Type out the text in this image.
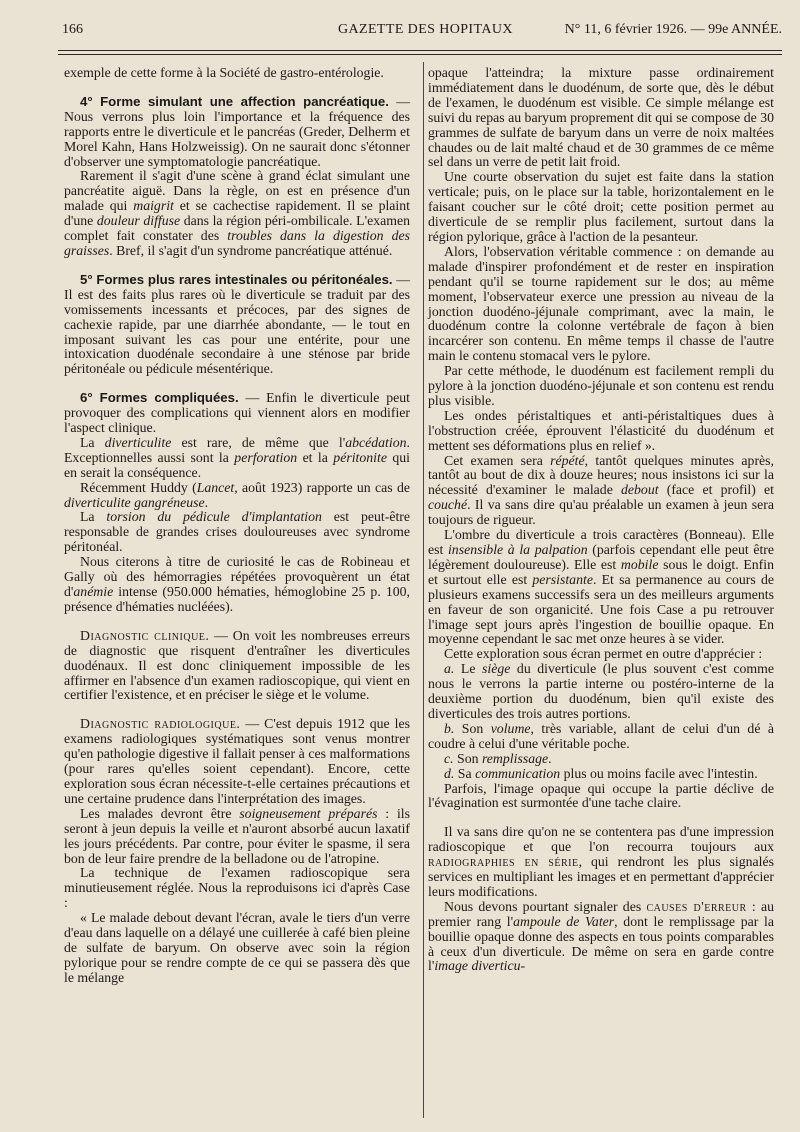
166	GAZETTE DES HOPITAUX	N° 11, 6 février 1926. — 99e ANNÉE.

exemple de cette forme à la Société de gastro-entérologie.

4° Forme simulant une affection pancréatique. — Nous verrons plus loin l'importance et la fréquence des rapports entre le diverticule et le pancréas (Greder, Delherm et Morel Kahn, Hans Holzweissig). On ne saurait donc s'étonner d'observer une symptomatologie pancréatique.

Rarement il s'agit d'une scène à grand éclat simulant une pancréatite aiguë. Dans la règle, on est en présence d'un malade qui maigrit et se cachectise rapidement. Il se plaint d'une douleur diffuse dans la région péri-ombilicale. L'examen complet fait constater des troubles dans la digestion des graisses. Bref, il s'agit d'un syndrome pancréatique atténué.

5° Formes plus rares intestinales ou péritonéales. — Il est des faits plus rares où le diverticule se traduit par des vomissements incessants et précoces, par des signes de cachexie rapide, par une diarrhée abondante, — le tout en imposant suivant les cas pour une entérite, pour une intoxication duodénale secondaire à une sténose par bride péritonéale ou pédicule mésentérique.

6° Formes compliquées. — Enfin le diverticule peut provoquer des complications qui viennent alors en modifier l'aspect clinique.

La diverticulite est rare, de même que l'abcédation. Exceptionnelles aussi sont la perforation et la péritonite qui en serait la conséquence.

Récemment Huddy (Lancet, août 1923) rapporte un cas de diverticulite gangréneuse.

La torsion du pédicule d'implantation est peut-être responsable de grandes crises douloureuses avec syndrome péritonéal.

Nous citerons à titre de curiosité le cas de Robineau et Gally où des hémorragies répétées provoquèrent un état d'anémie intense (950.000 hématies, hémoglobine 25 p. 100, présence d'hématies nucléées).

Diagnostic clinique. — On voit les nombreuses erreurs de diagnostic que risquent d'entraîner les diverticules duodénaux. Il est donc cliniquement impossible de les affirmer en l'absence d'un examen radioscopique, qui vient en certifier l'existence, et en préciser le siège et le volume.

Diagnostic radiologique. — C'est depuis 1912 que les examens radiologiques systématiques sont venus montrer qu'en pathologie digestive il fallait penser à ces malformations (pour rares qu'elles soient cependant). Encore, cette exploration sous écran nécessite-t-elle certaines précautions et une certaine prudence dans l'interprétation des images.

Les malades devront être soigneusement préparés : ils seront à jeun depuis la veille et n'auront absorbé aucun laxatif les jours précédents. Par contre, pour éviter le spasme, il sera bon de leur faire prendre de la belladone ou de l'atropine.

La technique de l'examen radioscopique sera minutieusement réglée. Nous la reproduisons ici d'après Case :

« Le malade debout devant l'écran, avale le tiers d'un verre d'eau dans laquelle on a délayé une cuillerée à café bien pleine de sulfate de baryum. On observe avec soin la région pylorique pour se rendre compte de ce qui se passera dès que le mélange

opaque l'atteindra; la mixture passe ordinairement immédiatement dans le duodénum, de sorte que, dès le début de l'examen, le duodénum est visible. Ce simple mélange est suivi du repas au baryum proprement dit qui se compose de 30 grammes de sulfate de baryum dans un verre de noix maltées chaudes ou de lait malté chaud et de 30 grammes de ce même sel dans un verre de petit lait froid.

Une courte observation du sujet est faite dans la station verticale; puis, on le place sur la table, horizontalement en le faisant coucher sur le côté droit; cette position permet au diverticule de se remplir plus facilement, surtout dans la région pylorique, grâce à l'action de la pesanteur.

Alors, l'observation véritable commence : on demande au malade d'inspirer profondément et de rester en inspiration pendant qu'il se tourne rapidement sur le dos; au même moment, l'observateur exerce une pression au niveau de la jonction duodéno-jéjunale comprimant, avec la main, le duodénum contre la colonne vertébrale de façon à bien incarcérer son contenu. En même temps il chasse de l'autre main le contenu stomacal vers le pylore.

Par cette méthode, le duodénum est facilement rempli du pylore à la jonction duodéno-jéjunale et son contenu est rendu plus visible.

Les ondes péristaltiques et anti-péristaltiques dues à l'obstruction créée, éprouvent l'élasticité du duodénum et mettent ses déformations plus en relief ».

Cet examen sera répété, tantôt quelques minutes après, tantôt au bout de dix à douze heures; nous insistons ici sur la nécessité d'examiner le malade debout (face et profil) et couché. Il va sans dire qu'au préalable un examen à jeun sera toujours de rigueur.

L'ombre du diverticule a trois caractères (Bonneau). Elle est insensible à la palpation (parfois cependant elle peut être légèrement douloureuse). Elle est mobile sous le doigt. Enfin et surtout elle est persistante. Et sa permanence au cours de plusieurs examens successifs sera un des meilleurs arguments en faveur de son organicité. Une fois Case a pu retrouver l'image sept jours après l'ingestion de bouillie opaque. En moyenne cependant le sac met onze heures à se vider.

Cette exploration sous écran permet en outre d'apprécier :

a. Le siège du diverticule (le plus souvent c'est comme nous le verrons la partie interne ou postéro-interne de la deuxième portion du duodénum, bien qu'il existe des diverticules des trois autres portions.

b. Son volume, très variable, allant de celui d'un dé à coudre à celui d'une véritable poche.

c. Son remplissage.

d. Sa communication plus ou moins facile avec l'intestin.

Parfois, l'image opaque qui occupe la partie déclive de l'évagination est surmontée d'une tache claire.

Il va sans dire qu'on ne se contentera pas d'une impression radioscopique et que l'on recourra toujours aux radiographies en série, qui rendront les plus signalés services en multipliant les images et en permettant d'apprécier leurs modifications.

Nous devons pourtant signaler des causes d'erreur : au premier rang l'ampoule de Vater, dont le remplissage par la bouillie opaque donne des aspects en tous points comparables à ceux d'un diverticule. De même on sera en garde contre l'image diverticu-
